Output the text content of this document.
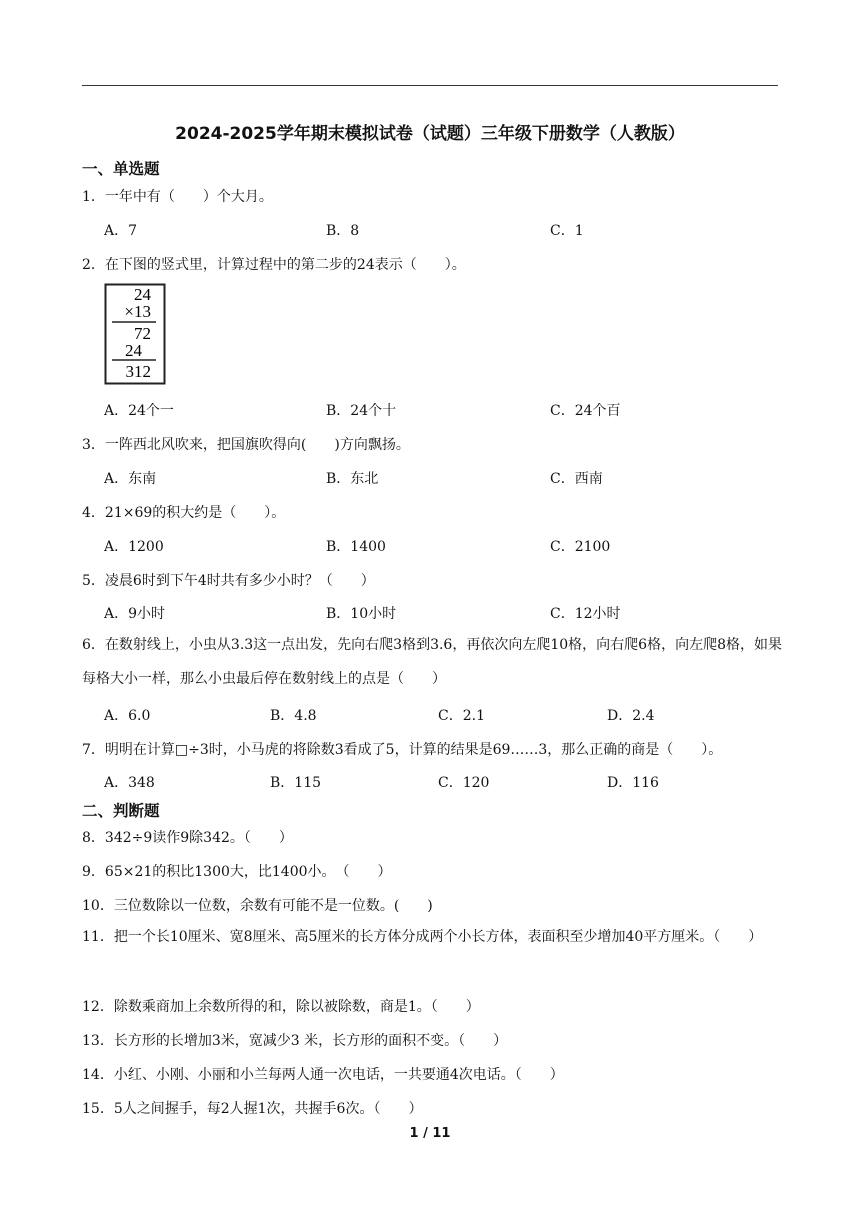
2024-2025学年期末模拟试卷（试题）三年级下册数学（人教版）
一、单选题
1．一年中有（　　）个大月。
A．7	B．8	C．1
2．在下图的竖式里，计算过程中的第二步的24表示（　　）。
24
×13
72
24
312
A．24个一	B．24个十	C．24个百
3．一阵西北风吹来，把国旗吹得向(　　)方向飘扬。
A．东南	B．东北	C．西南
4．21×69的积大约是（　　）。
A．1200	B．1400	C．2100
5．凌晨6时到下午4时共有多少小时？（　　）
A．9小时	B．10小时	C．12小时
6．在数射线上，小虫从3.3这一点出发，先向右爬3格到3.6，再依次向左爬10格，向右爬6格，向左爬8格，如果每格大小一样，那么小虫最后停在数射线上的点是（　　）
A．6.0	B．4.8	C．2.1	D．2.4
7．明明在计算□÷3时，小马虎的将除数3看成了5，计算的结果是69……3，那么正确的商是（　　）。
A．348	B．115	C．120	D．116
二、判断题
8．342÷9读作9除342。（　　）
9．65×21的积比1300大，比1400小。　（　　）
10．三位数除以一位数，余数有可能不是一位数。(　　)
11．把一个长10厘米、宽8厘米、高5厘米的长方体分成两个小长方体，表面积至少增加40平方厘米。（　　）
12．除数乘商加上余数所得的和，除以被除数，商是1。（　　）
13．长方形的长增加3米，宽减少3 米，长方形的面积不变。（　　）
14．小红、小刚、小丽和小兰每两人通一次电话，一共要通4次电话。（　　）
15．5人之间握手，每2人握1次，共握手6次。（　　）
1 / 11
